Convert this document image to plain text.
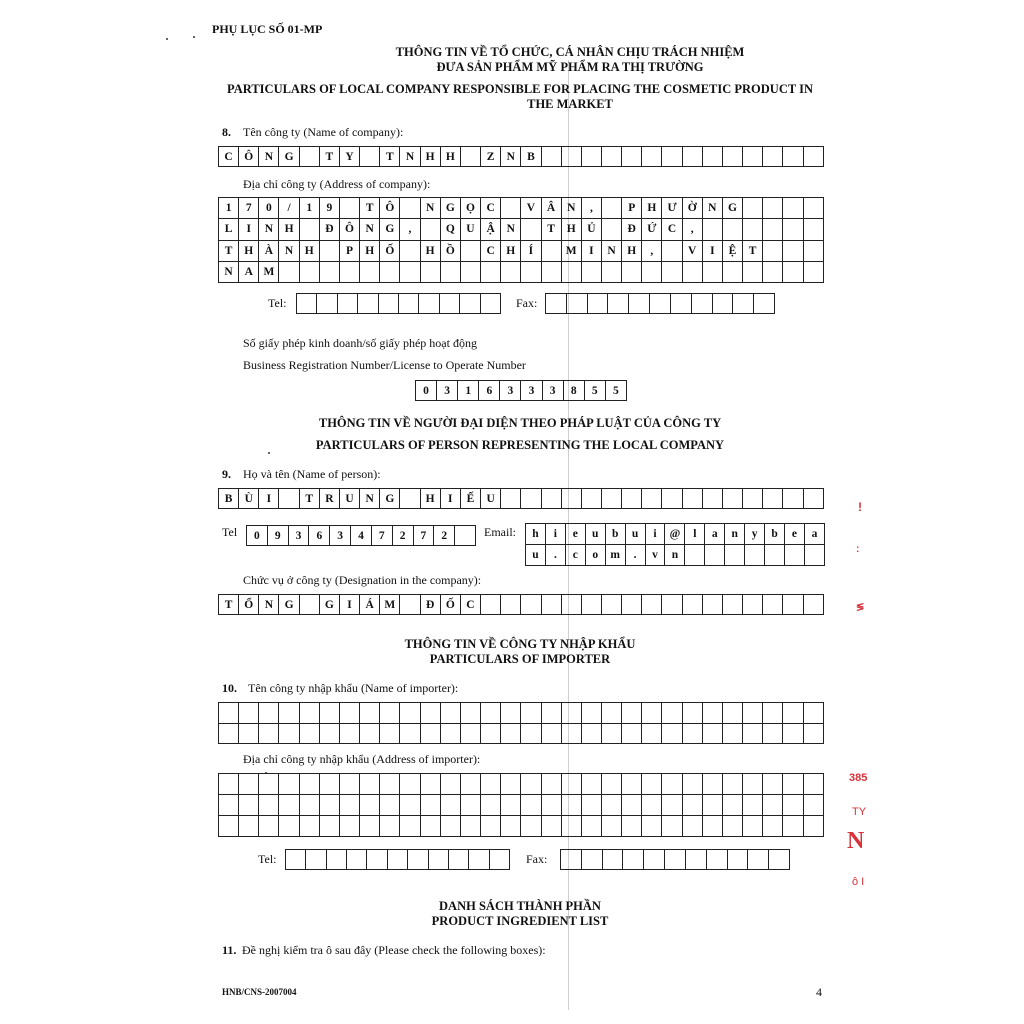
PHỤ LỤC SỐ 01-MP
THÔNG TIN VỀ TỔ CHỨC, CÁ NHÂN CHỊU TRÁCH NHIỆM
ĐƯA SẢN PHẨM MỸ PHẨM RA THỊ TRƯỜNG
PARTICULARS OF LOCAL COMPANY RESPONSIBLE FOR PLACING THE COSMETIC PRODUCT IN
THE MARKET
8. Tên công ty (Name of company):
C	Ô	N	G		T	Y		T	N	H	H		Z	N	B														
Địa chỉ công ty (Address of company):
1	7	0	/	1	9		T	Ô		N	G	Ọ	C		V	Â	N	,		P	H	Ư	Ờ	N	G				
L	I	N	H		Đ	Ô	N	G	,		Q	U	Ậ	N		T	H	Ủ		Đ	Ứ	C	,						
T	H	À	N	H		P	H	Ố		H	Ồ		C	H	Í		M	I	N	H	,		V	I	Ệ	T			
N	A	M																											
Tel:
										Fax:

Số giấy phép kinh doanh/số giấy phép hoạt động
Business Registration Number/License to Operate Number
0	3	1	6	3	3	3	8	5	5
THÔNG TIN VỀ NGƯỜI ĐẠI DIỆN THEO PHÁP LUẬT CỦA CÔNG TY
PARTICULARS OF PERSON REPRESENTING THE LOCAL COMPANY
9. Họ và tên (Name of person):
B	Ù	I		T	R	U	N	G		H	I	Ế	U																
Tel 0	9	3	6	3	4	7	2	7	2		Email: h	i	e	u	b	u	i	@	l	a	n	y	b	e	a
u	.	c	o	m	.	v	n							
Chức vụ ở công ty (Designation in the company):
T	Ổ	N	G		G	I	Á	M		Đ	Ố	C																	
THÔNG TIN VỀ CÔNG TY NHẬP KHẨU
PARTICULARS OF IMPORTER
10. Tên công ty nhập khẩu (Name of importer):

Địa chỉ công ty nhập khẩu (Address of importer):

Tel:
											Fax:

DANH SÁCH THÀNH PHẦN
PRODUCT INGREDIENT LIST
11. Đề nghị kiểm tra ô sau đây (Please check the following boxes):
HNB/CNS-2007004	4
!
:
≶
385
TY
N
ô I
